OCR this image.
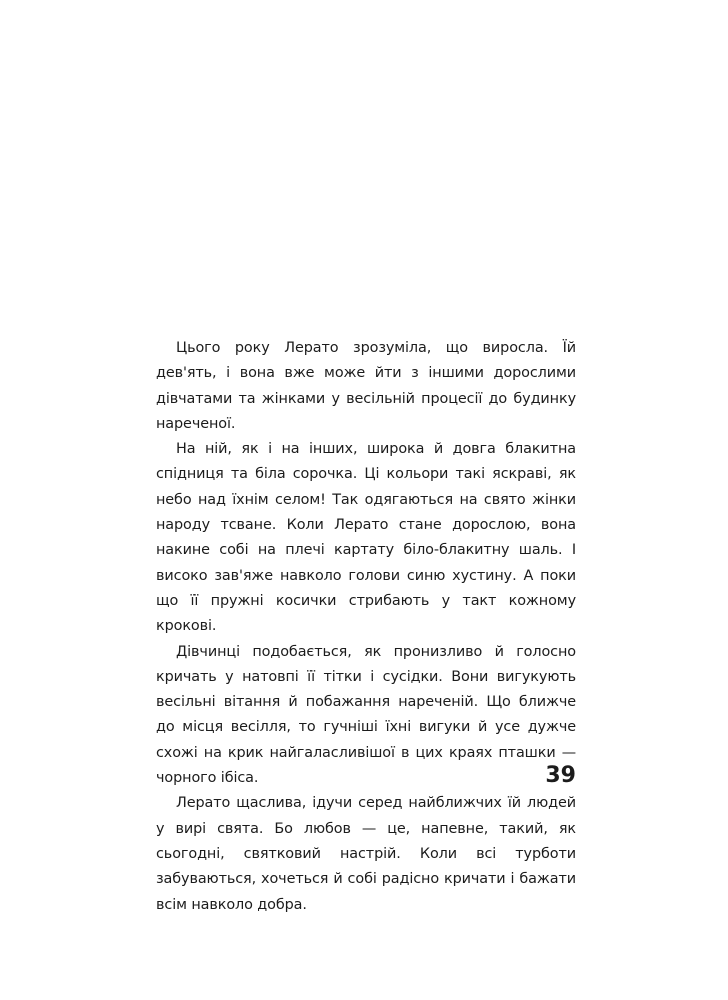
Цього року Лерато зрозуміла, що виросла. Їй дев'ять, і вона вже може йти з іншими дорослими дівчатами та жінками у весільній процесії до будинку нареченої.

На ній, як і на інших, широка й довга блакитна спідниця та біла сорочка. Ці кольори такі яскраві, як небо над їхнім селом! Так одягаються на свято жінки народу тсване. Коли Лерато стане дорослою, вона накине собі на плечі картату біло-блакитну шаль. І високо зав'яже навколо голови синю хустину. А поки що її пружні косички стрибають у такт кожному крокові.

Дівчинці подобається, як пронизливо й голосно кричать у натовпі її тітки і сусідки. Вони вигукують весільні вітання й побажання нареченій. Що ближче до місця весілля, то гучніші їхні вигуки й усе дужче схожі на крик найгаласливішої в цих краях пташки — чорного ібіса.

Лерато щаслива, ідучи серед найближчих їй людей у вирі свята. Бо любов — це, напевне, такий, як сьогодні, святковий настрій. Коли всі турботи забуваються, хочеться й собі радісно кричати і бажати всім навколо добра.

39
